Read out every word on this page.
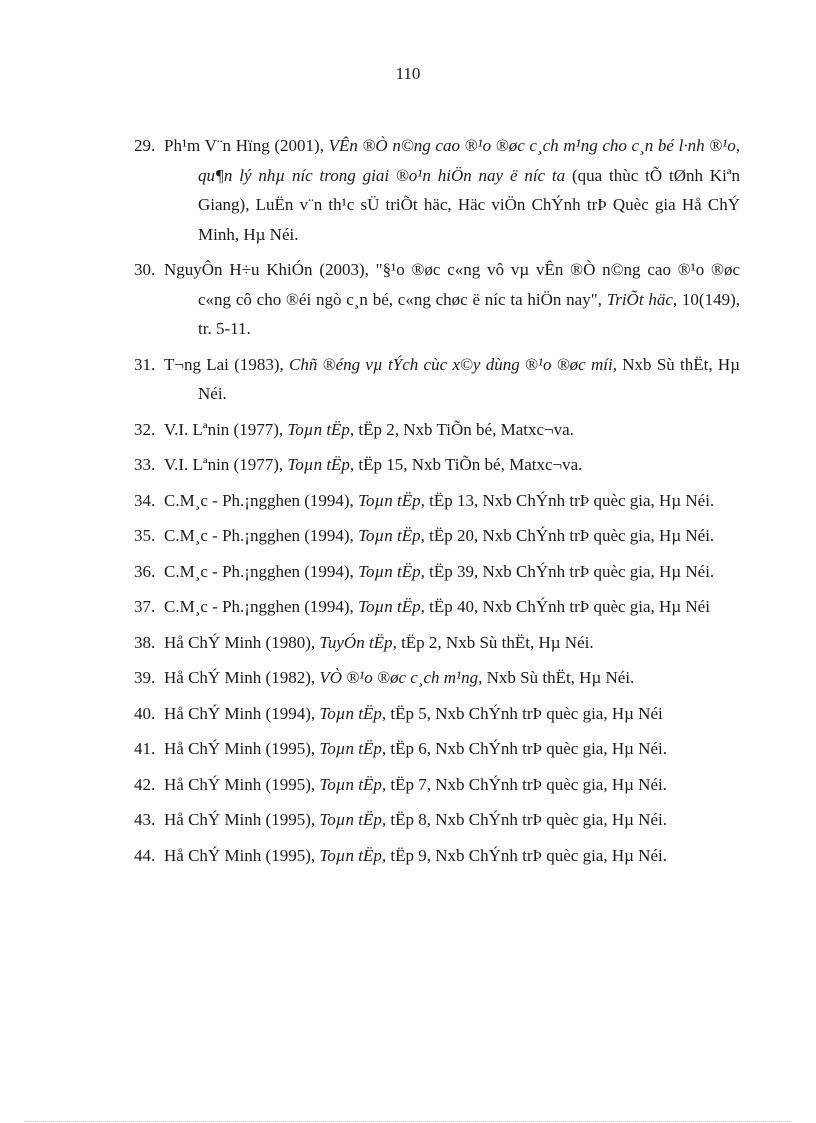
110
29. Ph¹m V¨n Hïng (2001), VÊn ®Ò n©ng cao ®¹o ®øc c¸ch m¹ng cho c¸n bé l·nh ®¹o, qu¶n lý nhµ níc trong giai ®o¹n hiÖn nay ë níc ta (qua thùc tÕ tØnh Kiªn Giang), LuËn v¨n th¹c sÜ triÕt häc, Häc viÖn ChÝnh trÞ Quèc gia Hå ChÝ Minh, Hµ Néi.
30. NguyÔn H÷u KhiÓn (2003), "§¹o ®øc c«ng vô vµ vÊn ®Ò n©ng cao ®¹o ®øc c«ng cô cho ®éi ngò c¸n bé, c«ng chøc ë níc ta hiÖn nay", TriÕt häc, 10(149), tr. 5-11.
31. T¬ng Lai (1983), Chñ ®éng vµ tÝch cùc x©y dùng ®¹o ®øc míi, Nxb Sù thËt, Hµ Néi.
32. V.I. Lªnin (1977), Toµn tËp, tËp 2, Nxb TiÕn bé, Matxc¬va.
33. V.I. Lªnin (1977), Toµn tËp, tËp 15, Nxb TiÕn bé, Matxc¬va.
34. C.M¸c - Ph.¡ngghen (1994), Toµn tËp, tËp 13, Nxb ChÝnh trÞ quèc gia, Hµ Néi.
35. C.M¸c - Ph.¡ngghen (1994), Toµn tËp, tËp 20, Nxb ChÝnh trÞ quèc gia, Hµ Néi.
36. C.M¸c - Ph.¡ngghen (1994), Toµn tËp, tËp 39, Nxb ChÝnh trÞ quèc gia, Hµ Néi.
37. C.M¸c - Ph.¡ngghen (1994), Toµn tËp, tËp 40, Nxb ChÝnh trÞ quèc gia, Hµ Néi
38. Hå ChÝ Minh (1980), TuyÓn tËp, tËp 2, Nxb Sù thËt, Hµ Néi.
39. Hå ChÝ Minh (1982), VÒ ®¹o ®øc c¸ch m¹ng, Nxb Sù thËt, Hµ Néi.
40. Hå ChÝ Minh (1994), Toµn tËp, tËp 5, Nxb ChÝnh trÞ quèc gia, Hµ Néi
41. Hå ChÝ Minh (1995), Toµn tËp, tËp 6, Nxb ChÝnh trÞ quèc gia, Hµ Néi.
42. Hå ChÝ Minh (1995), Toµn tËp, tËp 7, Nxb ChÝnh trÞ quèc gia, Hµ Néi.
43. Hå ChÝ Minh (1995), Toµn tËp, tËp 8, Nxb ChÝnh trÞ quèc gia, Hµ Néi.
44. Hå ChÝ Minh (1995), Toµn tËp, tËp 9, Nxb ChÝnh trÞ quèc gia, Hµ Néi.
